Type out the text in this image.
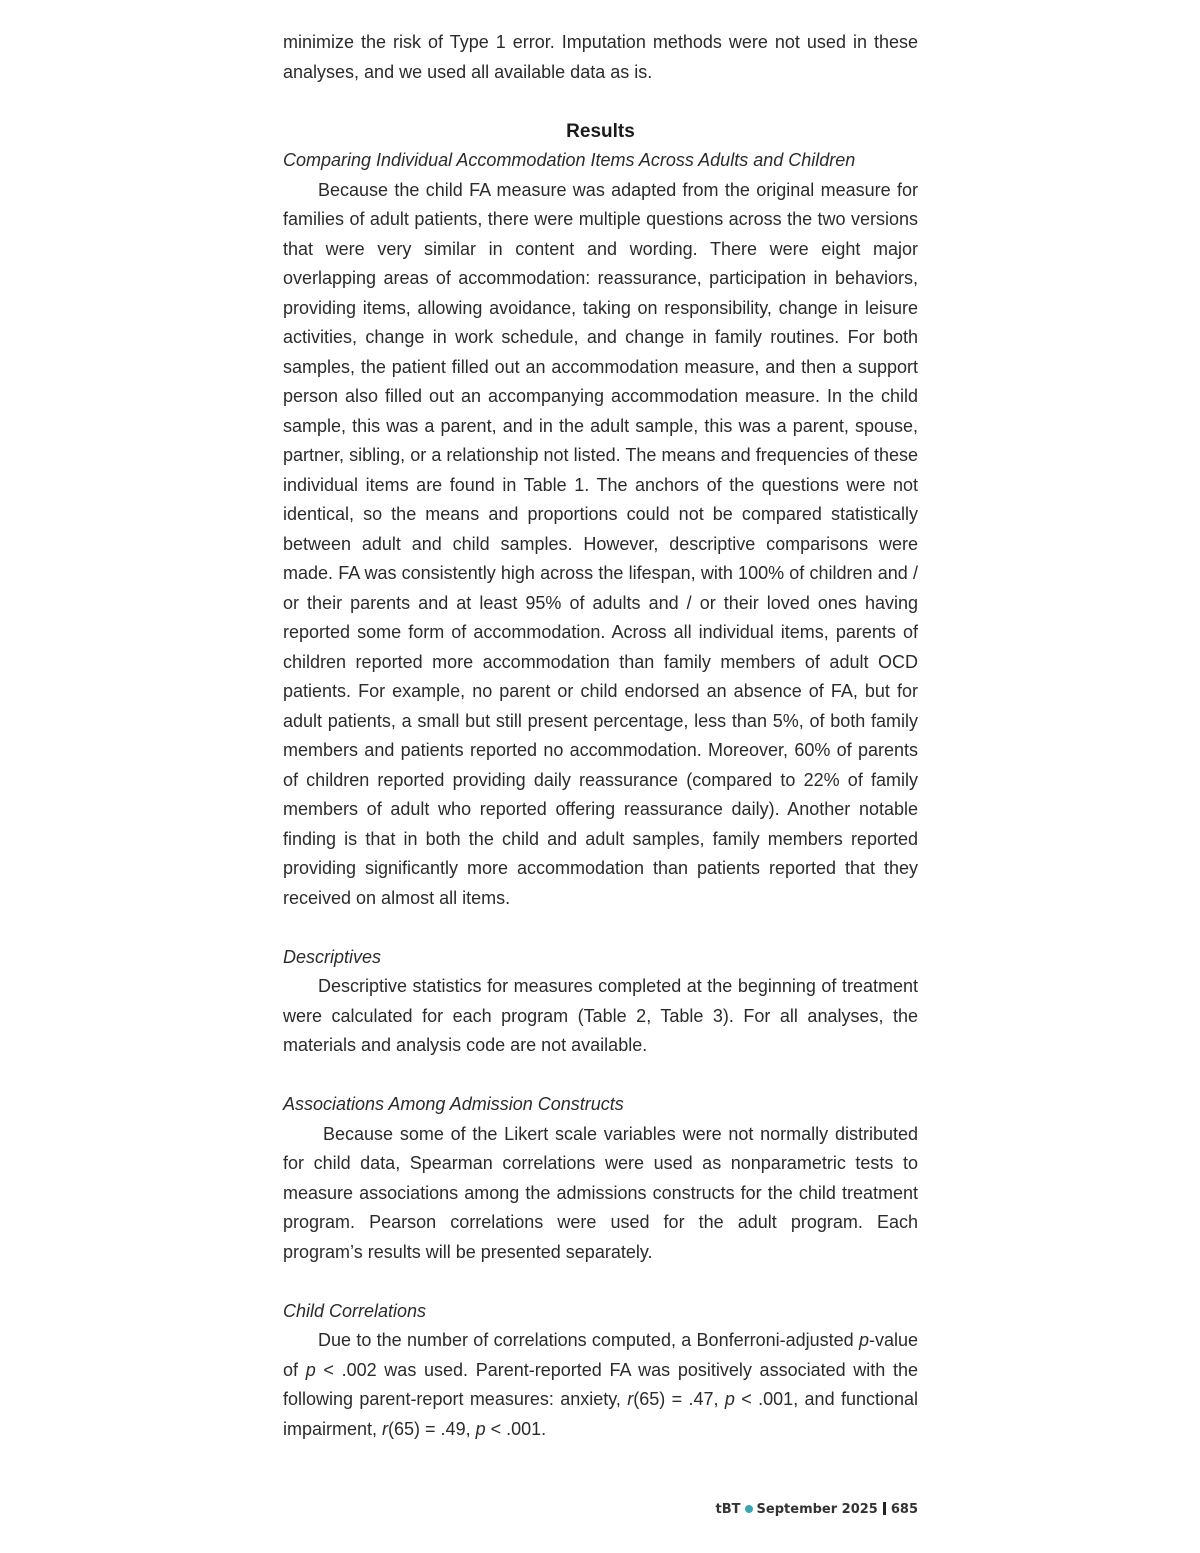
minimize the risk of Type 1 error. Imputation methods were not used in these analyses, and we used all available data as is.

Results
Comparing Individual Accommodation Items Across Adults and Children

Because the child FA measure was adapted from the original measure for families of adult patients, there were multiple questions across the two versions that were very similar in content and wording. There were eight major overlapping areas of accommodation: reassurance, participation in behaviors, providing items, allowing avoidance, taking on responsibility, change in leisure activities, change in work schedule, and change in family routines. For both samples, the patient filled out an accommodation measure, and then a support person also filled out an accompanying accommodation measure. In the child sample, this was a parent, and in the adult sample, this was a parent, spouse, partner, sibling, or a relationship not listed. The means and frequencies of these individual items are found in Table 1. The anchors of the questions were not identical, so the means and proportions could not be compared statistically between adult and child samples. However, descriptive comparisons were made. FA was consistently high across the lifespan, with 100% of children and / or their parents and at least 95% of adults and / or their loved ones having reported some form of accommodation. Across all individual items, parents of children reported more accommodation than family members of adult OCD patients. For example, no parent or child endorsed an absence of FA, but for adult patients, a small but still present percentage, less than 5%, of both family members and patients reported no accommodation. Moreover, 60% of parents of children reported providing daily reassurance (compared to 22% of family members of adult who reported offering reassurance daily). Another notable finding is that in both the child and adult samples, family members reported providing significantly more accommodation than patients reported that they received on almost all items.

Descriptives

Descriptive statistics for measures completed at the beginning of treatment were calculated for each program (Table 2, Table 3). For all analyses, the materials and analysis code are not available.

Associations Among Admission Constructs

Because some of the Likert scale variables were not normally distributed for child data, Spearman correlations were used as nonparametric tests to measure associations among the admissions constructs for the child treatment program. Pearson correlations were used for the adult program. Each program’s results will be presented separately.

Child Correlations

Due to the number of correlations computed, a Bonferroni-adjusted p-value of p < .002 was used. Parent-reported FA was positively associated with the following parent-report measures: anxiety, r(65) = .47, p < .001, and functional impairment, r(65) = .49, p < .001.

tBT September 2025 685
